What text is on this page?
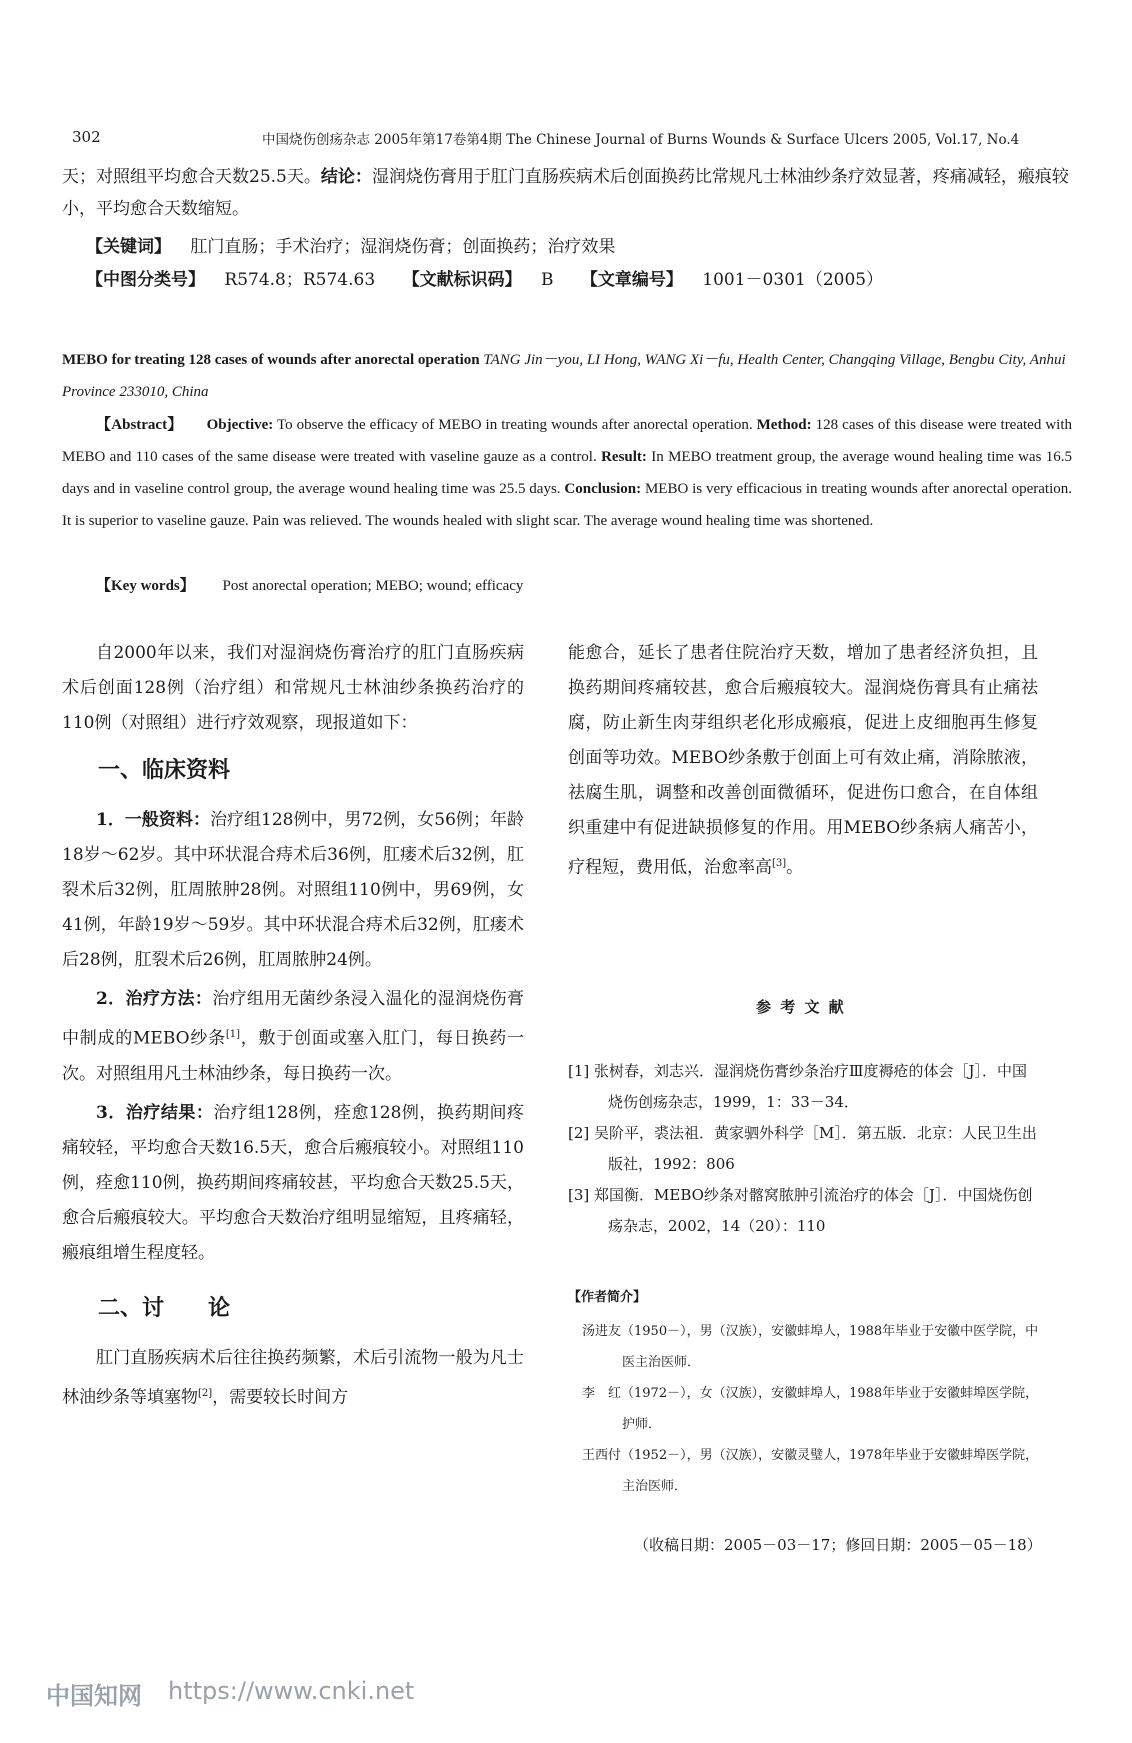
302	中国烧伤创疡杂志 2005年第17卷第4期 The Chinese Journal of Burns Wounds & Surface Ulcers 2005, Vol.17, No.4
天；对照组平均愈合天数25.5天。结论：湿润烧伤膏用于肛门直肠疾病术后创面换药比常规凡士林油纱条疗效显著，疼痛减轻，瘢痕较小，平均愈合天数缩短。
【关键词】 肛门直肠；手术治疗；湿润烧伤膏；创面换药；治疗效果
【中图分类号】 R574.8；R574.63 【文献标识码】 B 【文章编号】 1001－0301（2005）
MEBO for treating 128 cases of wounds after anorectal operation TANG Jin－you, LI Hong, WANG Xi－fu, Health Center, Changqing Village, Bengbu City, Anhui Province 233010, China
【Abstract】 Objective: To observe the efficacy of MEBO in treating wounds after anorectal operation. Method: 128 cases of this disease were treated with MEBO and 110 cases of the same disease were treated with vaseline gauze as a control. Result: In MEBO treatment group, the average wound healing time was 16.5 days and in vaseline control group, the average wound healing time was 25.5 days. Conclusion: MEBO is very efficacious in treating wounds after anorectal operation. It is superior to vaseline gauze. Pain was relieved. The wounds healed with slight scar. The average wound healing time was shortened.
【Key words】 Post anorectal operation; MEBO; wound; efficacy

自2000年以来，我们对湿润烧伤膏治疗的肛门直肠疾病术后创面128例（治疗组）和常规凡士林油纱条换药治疗的110例（对照组）进行疗效观察，现报道如下：

一、临床资料

1．一般资料：治疗组128例中，男72例，女56例；年龄18岁～62岁。其中环状混合痔术后36例，肛瘘术后32例，肛裂术后32例，肛周脓肿28例。对照组110例中，男69例，女41例，年龄19岁～59岁。其中环状混合痔术后32例，肛瘘术后28例，肛裂术后26例，肛周脓肿24例。

2．治疗方法：治疗组用无菌纱条浸入温化的湿润烧伤膏中制成的MEBO纱条[1]，敷于创面或塞入肛门，每日换药一次。对照组用凡士林油纱条，每日换药一次。

3．治疗结果：治疗组128例，痊愈128例，换药期间疼痛较轻，平均愈合天数16.5天，愈合后瘢痕较小。对照组110例，痊愈110例，换药期间疼痛较甚，平均愈合天数25.5天，愈合后瘢痕较大。平均愈合天数治疗组明显缩短，且疼痛轻，瘢痕组增生程度轻。

二、讨　　论

肛门直肠疾病术后往往换药频繁，术后引流物一般为凡士林油纱条等填塞物[2]，需要较长时间方

能愈合，延长了患者住院治疗天数，增加了患者经济负担，且换药期间疼痛较甚，愈合后瘢痕较大。湿润烧伤膏具有止痛祛腐，防止新生肉芽组织老化形成瘢痕，促进上皮细胞再生修复创面等功效。MEBO纱条敷于创面上可有效止痛，消除脓液，祛腐生肌，调整和改善创面微循环，促进伤口愈合，在自体组织重建中有促进缺损修复的作用。用MEBO纱条病人痛苦小，疗程短，费用低，治愈率高[3]。

参 考 文 献
[1] 张树春，刘志兴．湿润烧伤膏纱条治疗Ⅲ度褥疮的体会［J］．中国烧伤创疡杂志，1999，1：33－34．
[2] 吴阶平，裘法祖．黄家驷外科学［M］．第五版．北京：人民卫生出版社，1992：806
[3] 郑国衡．MEBO纱条对髂窝脓肿引流治疗的体会［J］．中国烧伤创疡杂志，2002，14（20）：110
【作者简介】
汤进友（1950－），男（汉族），安徽蚌埠人，1988年毕业于安徽中医学院，中医主治医师．
李　红（1972－），女（汉族），安徽蚌埠人，1988年毕业于安徽蚌埠医学院，护师．
王西付（1952－），男（汉族），安徽灵璧人，1978年毕业于安徽蚌埠医学院，主治医师．
（收稿日期：2005－03－17；修回日期：2005－05－18）
中国知网 https://www.cnki.net
